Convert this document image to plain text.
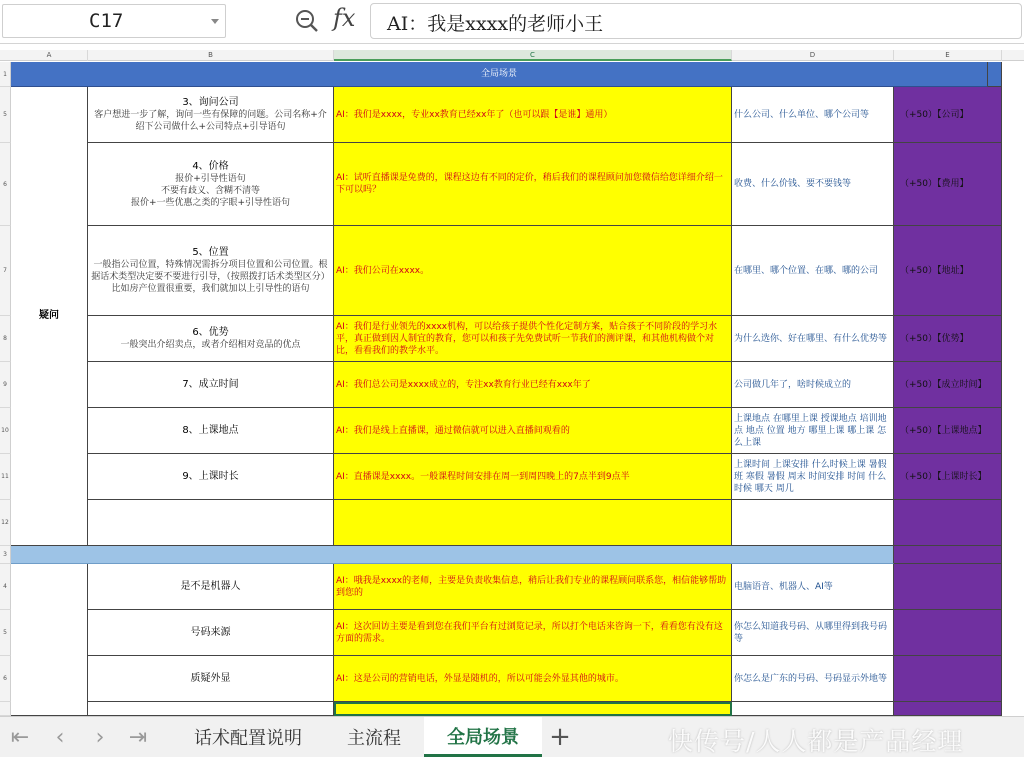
C17	fx AI：我是xxxx的老师小王
A	B	C	D	E
1
5
6
7
8
9
10
11
12
3
4
5
6
全局场景
疑问
3、询问公司
客户想进一步了解，询问一些有保障的问题。公司名称+介绍下公司做什么+公司特点+引导语句
AI：我们是xxxx，专业xx教育已经xx年了（也可以跟【是谁】通用）	什么公司、什么单位、哪个公司等	（+50）【公司】
4、价格
报价+引导性语句
不要有歧义、含糊不清等
报价+一些优惠之类的字眼+引导性语句
AI：试听直播课是免费的，课程这边有不同的定价，稍后我们的课程顾问加您微信给您详细介绍一下可以吗？
收费、什么价钱、要不要钱等	（+50）【费用】
5、位置
一般指公司位置，特殊情况需拆分项目位置和公司位置。根据话术类型决定要不要进行引导，（按照拨打话术类型区分）比如房产位置很重要，我们就加以上引导性的语句
AI：我们公司在xxxx。	在哪里、哪个位置、在哪、哪的公司	（+50）【地址】
6、优势
一般突出介绍卖点，或者介绍相对竞品的优点
AI：我们是行业领先的xxxx机构，可以给孩子提供个性化定制方案，贴合孩子不同阶段的学习水平，真正做到因人制宜的教育，您可以和孩子先免费试听一节我们的测评课，和其他机构做个对比，看看我们的教学水平。
为什么选你、好在哪里、有什么优势等	（+50）【优势】
7、成立时间	AI：我们总公司是xxxx成立的，专注xx教育行业已经有xxx年了	公司做几年了，啥时候成立的	（+50）【成立时间】
8、上课地点	AI：我们是线上直播课，通过微信就可以进入直播间观看的
上课地点 在哪里上课 授课地点 培训地点 地点 位置 地方 哪里上课 哪上课 怎么上课
（+50）【上课地点】
9、上课时长	AI：直播课是xxxx。一般课程时间安排在周一到周四晚上的7点半到9点半
上课时间 上课安排 什么时候上课 暑假班 寒假 暑假 周末 时间安排 时间 什么时候 哪天 周几
（+50）【上课时长】
是不是机器人
AI：哦我是xxxx的老师，主要是负责收集信息，稍后让我们专业的课程顾问联系您，相信能够帮助到您的
电脑语音、机器人、AI等
号码来源
AI：这次回访主要是看到您在我们平台有过浏览记录，所以打个电话来咨询一下，看看您有没有这方面的需求。
你怎么知道我号码、从哪里得到我号码等
质疑外显	AI：这是公司的营销电话，外显是随机的，所以可能会外显其他的城市。	你怎么是广东的号码、号码显示外地等
⇤	‹	›	⇥	话术配置说明	主流程	全局场景	+	快传号/人人都是产品经理
